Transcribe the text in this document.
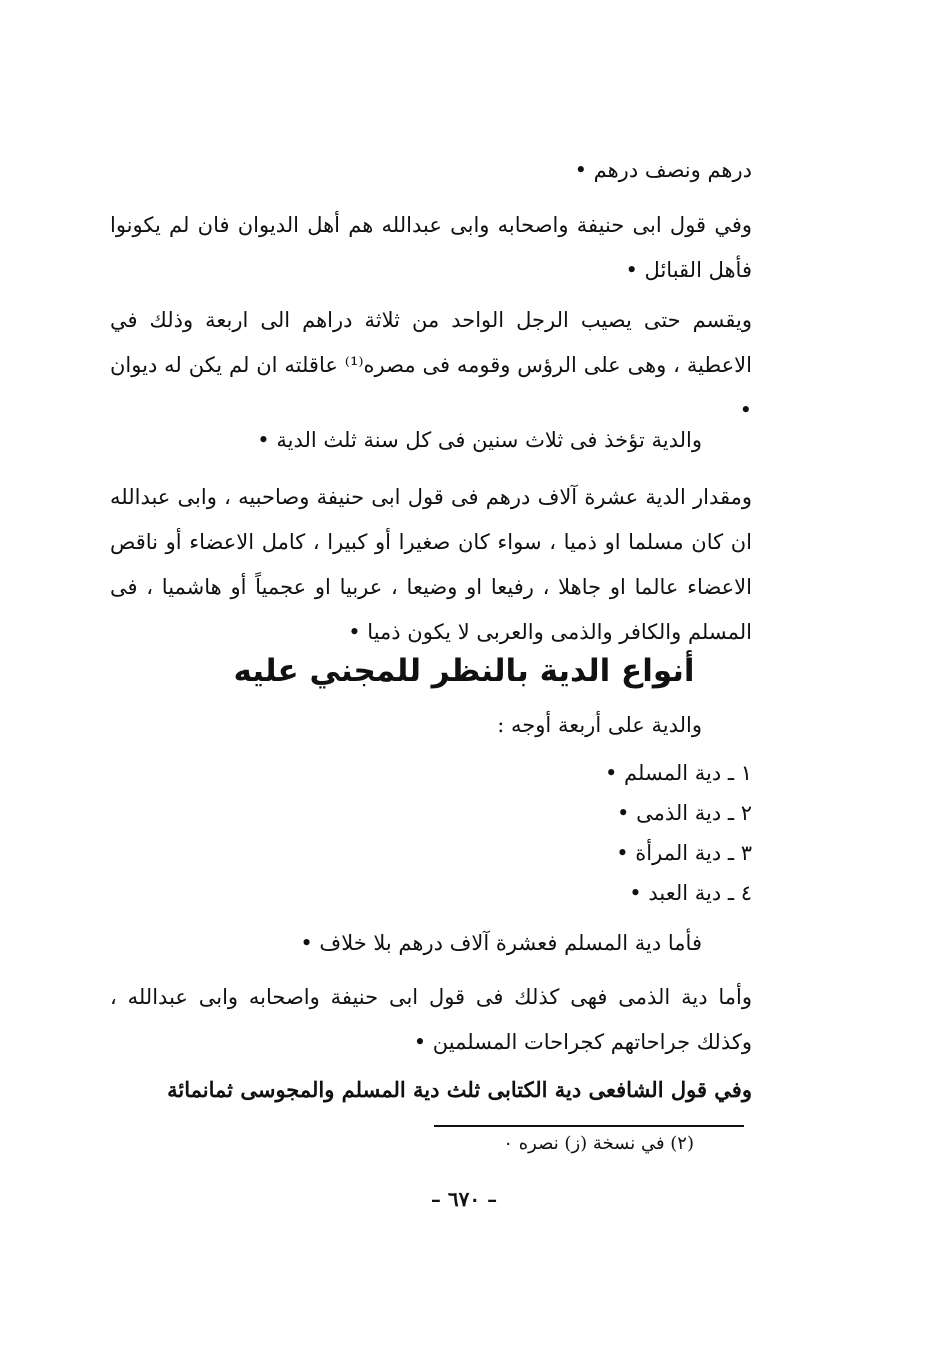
درهم ونصف درهم •

وفي قول ابى حنيفة واصحابه وابى عبدالله هم أهل الديوان فان لم يكونوا فأهل القبائل •

ويقسم حتى يصيب الرجل الواحد من ثلاثة دراهم الى اربعة وذلك في الاعطية ، وهى على الرؤس وقومه فى مصره⁽¹⁾ عاقلته ان لم يكن له ديوان •

والدية تؤخذ فى ثلاث سنين فى كل سنة ثلث الدية •

ومقدار الدية عشرة آلاف درهم فى قول ابى حنيفة وصاحبيه ، وابى عبدالله ان كان مسلما او ذميا ، سواء كان صغيرا أو كبيرا ، كامل الاعضاء أو ناقص الاعضاء عالما او جاهلا ، رفيعا او وضيعا ، عربيا او عجمياً أو هاشميا ، فى المسلم والكافر والذمى والعربى لا يكون ذميا •

أنواع الدية بالنظر للمجني عليه

والدية على أربعة أوجه :

١ ـ دية المسلم •
٢ ـ دية الذمى •
٣ ـ دية المرأة •
٤ ـ دية العبد •

فأما دية المسلم فعشرة آلاف درهم بلا خلاف •

وأما دية الذمى فهى كذلك فى قول ابى حنيفة واصحابه وابى عبدالله ، وكذلك جراحاتهم كجراحات المسلمين •

وفي قول الشافعى دية الكتابى ثلث دية المسلم والمجوسى ثمانمائة

(٢) في نسخة (ز) نصره ٠

– ٦٧٠ –
